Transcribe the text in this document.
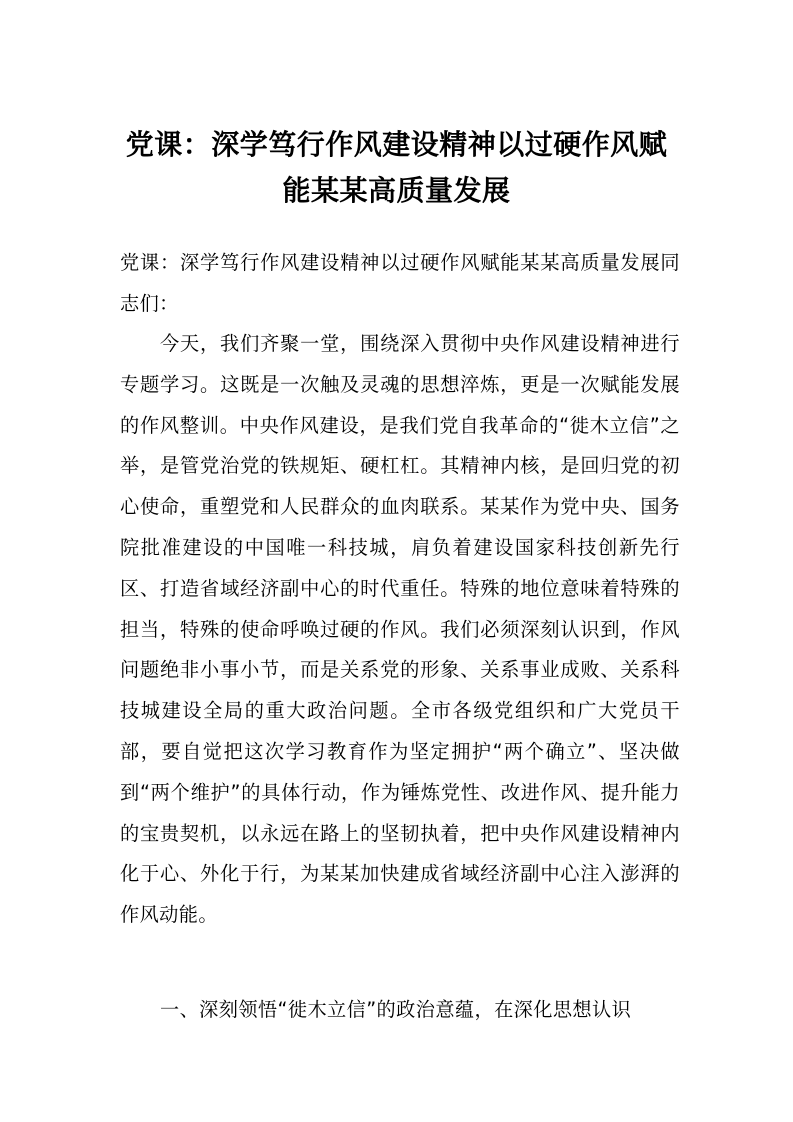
党课：深学笃行作风建设精神以过硬作风赋
能某某高质量发展

党课：深学笃行作风建设精神以过硬作风赋能某某高质量发展同志们：

今天，我们齐聚一堂，围绕深入贯彻中央作风建设精神进行专题学习。这既是一次触及灵魂的思想淬炼，更是一次赋能发展的作风整训。中央作风建设，是我们党自我革命的“徙木立信”之举，是管党治党的铁规矩、硬杠杠。其精神内核，是回归党的初心使命，重塑党和人民群众的血肉联系。某某作为党中央、国务院批准建设的中国唯一科技城，肩负着建设国家科技创新先行区、打造省域经济副中心的时代重任。特殊的地位意味着特殊的担当，特殊的使命呼唤过硬的作风。我们必须深刻认识到，作风问题绝非小事小节，而是关系党的形象、关系事业成败、关系科技城建设全局的重大政治问题。全市各级党组织和广大党员干部，要自觉把这次学习教育作为坚定拥护“两个确立”、坚决做到“两个维护”的具体行动，作为锤炼党性、改进作风、提升能力的宝贵契机，以永远在路上的坚韧执着，把中央作风建设精神内化于心、外化于行，为某某加快建成省域经济副中心注入澎湃的作风动能。

一、深刻领悟“徙木立信”的政治意蕴，在深化思想认识
